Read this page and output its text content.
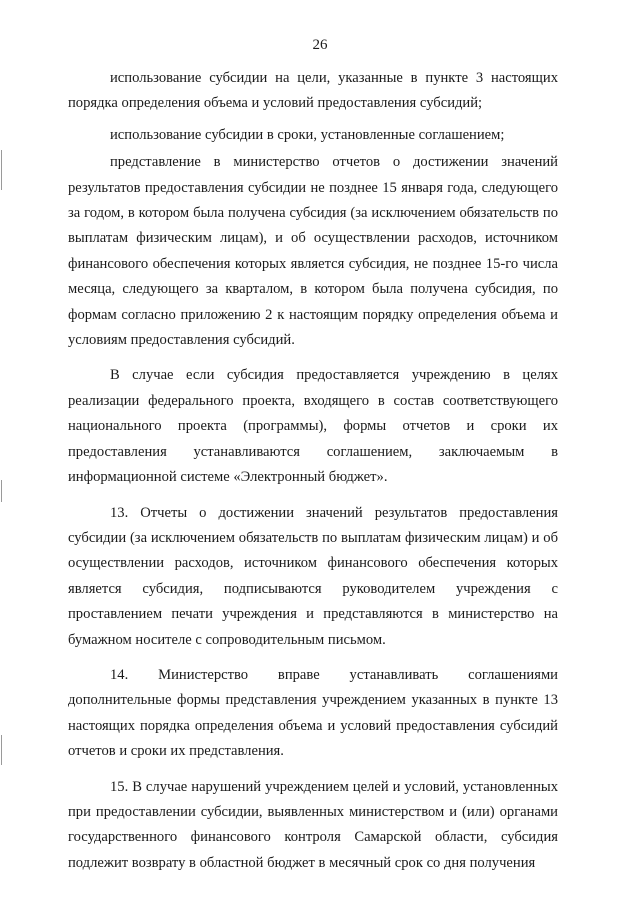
26

использование субсидии на цели, указанные в пункте 3 настоящих порядка определения объема и условий предоставления субсидий;

использование субсидии в сроки, установленные соглашением;

представление в министерство отчетов о достижении значений результатов предоставления субсидии не позднее 15 января года, следующего за годом, в котором была получена субсидия (за исключением обязательств по выплатам физическим лицам), и об осуществлении расходов, источником финансового обеспечения которых является субсидия, не позднее 15-го числа месяца, следующего за кварталом, в котором была получена субсидия, по формам согласно приложению 2 к настоящим порядку определения объема и условиям предоставления субсидий.

В случае если субсидия предоставляется учреждению в целях реализации федерального проекта, входящего в состав соответствующего национального проекта (программы), формы отчетов и сроки их предоставления устанавливаются соглашением, заключаемым в информационной системе «Электронный бюджет».

13. Отчеты о достижении значений результатов предоставления субсидии (за исключением обязательств по выплатам физическим лицам) и об осуществлении расходов, источником финансового обеспечения которых является субсидия, подписываются руководителем учреждения с проставлением печати учреждения и представляются в министерство на бумажном носителе с сопроводительным письмом.

14. Министерство вправе устанавливать соглашениями дополнительные формы представления учреждением указанных в пункте 13 настоящих порядка определения объема и условий предоставления субсидий отчетов и сроки их представления.

15. В случае нарушений учреждением целей и условий, установленных при предоставлении субсидии, выявленных министерством и (или) органами государственного финансового контроля Самарской области, субсидия подлежит возврату в областной бюджет в месячный срок со дня получения
